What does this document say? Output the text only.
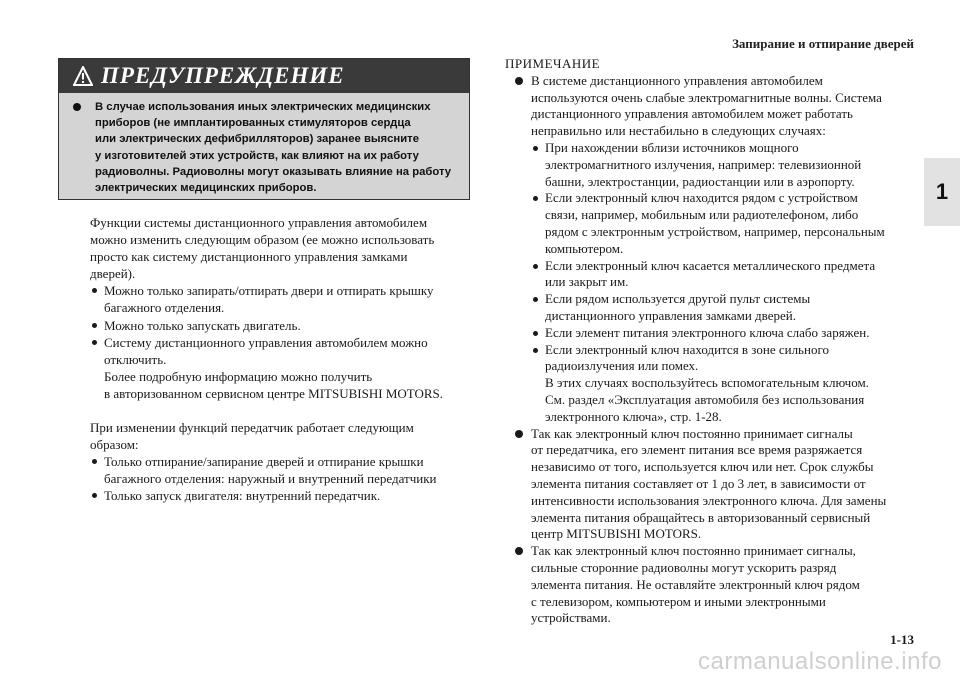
Запирание и отпирание дверей
1
ПРЕДУПРЕЖДЕНИЕ
В случае использования иных электрических медицинских
приборов (не имплантированных стимуляторов сердца
или электрических дефибрилляторов) заранее выясните
у изготовителей этих устройств, как влияют на их работу
радиоволны. Радиоволны могут оказывать влияние на работу
электрических медицинских приборов.
Функции системы дистанционного управления автомобилем
можно изменить следующим образом (ее можно использовать
просто как систему дистанционного управления замками
дверей).
Можно только запирать/отпирать двери и отпирать крышку
багажного отделения.
Можно только запускать двигатель.
Систему дистанционного управления автомобилем можно
отключить.
Более подробную информацию можно получить
в авторизованном сервисном центре MITSUBISHI MOTORS.
При изменении функций передатчик работает следующим
образом:
Только отпирание/запирание дверей и отпирание крышки
багажного отделения: наружный и внутренний передатчики
Только запуск двигателя: внутренний передатчик.
ПРИМЕЧАНИЕ
В системе дистанционного управления автомобилем
используются очень слабые электромагнитные волны. Система
дистанционного управления автомобилем может работать
неправильно или нестабильно в следующих случаях:
При нахождении вблизи источников мощного
электромагнитного излучения, например: телевизионной
башни, электростанции, радиостанции или в аэропорту.
Если электронный ключ находится рядом с устройством
связи, например, мобильным или радиотелефоном, либо
рядом с электронным устройством, например, персональным
компьютером.
Если электронный ключ касается металлического предмета
или закрыт им.
Если рядом используется другой пульт системы
дистанционного управления замками дверей.
Если элемент питания электронного ключа слабо заряжен.
Если электронный ключ находится в зоне сильного
радиоизлучения или помех.
В этих случаях воспользуйтесь вспомогательным ключом.
См. раздел «Эксплуатация автомобиля без использования
электронного ключа», стр. 1-28.
Так как электронный ключ постоянно принимает сигналы
от передатчика, его элемент питания все время разряжается
независимо от того, используется ключ или нет. Срок службы
элемента питания составляет от 1 до 3 лет, в зависимости от
интенсивности использования электронного ключа. Для замены
элемента питания обращайтесь в авторизованный сервисный
центр MITSUBISHI MOTORS.
Так как электронный ключ постоянно принимает сигналы,
сильные сторонние радиоволны могут ускорить разряд
элемента питания. Не оставляйте электронный ключ рядом
с телевизором, компьютером и иными электронными
устройствами.
1-13
carmanualsonline.info
